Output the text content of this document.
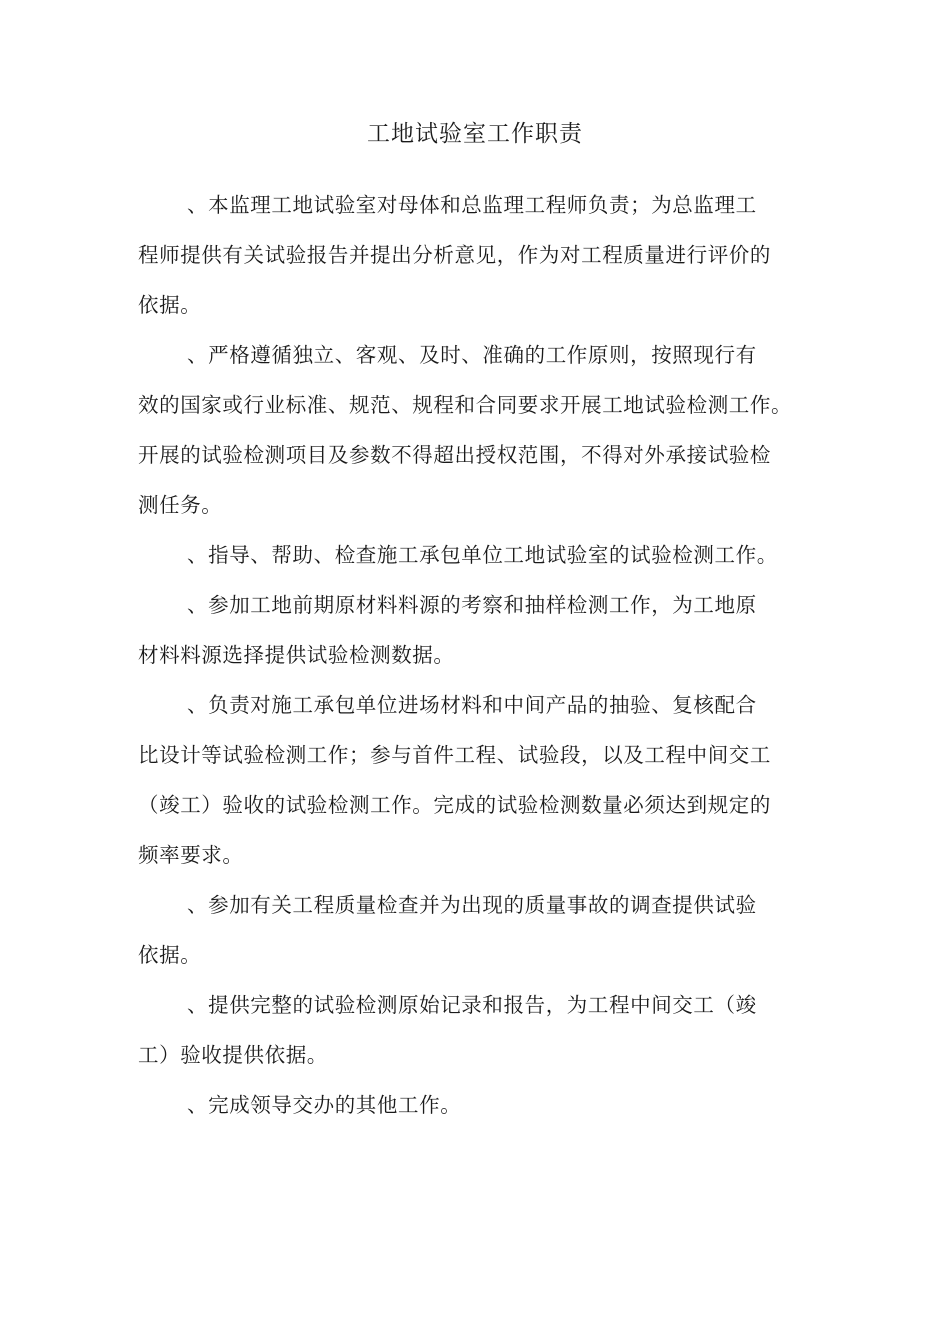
工地试验室工作职责
、本监理工地试验室对母体和总监理工程师负责；为总监理工
程师提供有关试验报告并提出分析意见，作为对工程质量进行评价的
依据。
、严格遵循独立、客观、及时、准确的工作原则，按照现行有
效的国家或行业标准、规范、规程和合同要求开展工地试验检测工作。
开展的试验检测项目及参数不得超出授权范围，不得对外承接试验检
测任务。
、指导、帮助、检查施工承包单位工地试验室的试验检测工作。
、参加工地前期原材料料源的考察和抽样检测工作，为工地原
材料料源选择提供试验检测数据。
、负责对施工承包单位进场材料和中间产品的抽验、复核配合
比设计等试验检测工作；参与首件工程、试验段，以及工程中间交工
（竣工）验收的试验检测工作。完成的试验检测数量必须达到规定的
频率要求。
、参加有关工程质量检查并为出现的质量事故的调查提供试验
依据。
、提供完整的试验检测原始记录和报告，为工程中间交工（竣
工）验收提供依据。
、完成领导交办的其他工作。
